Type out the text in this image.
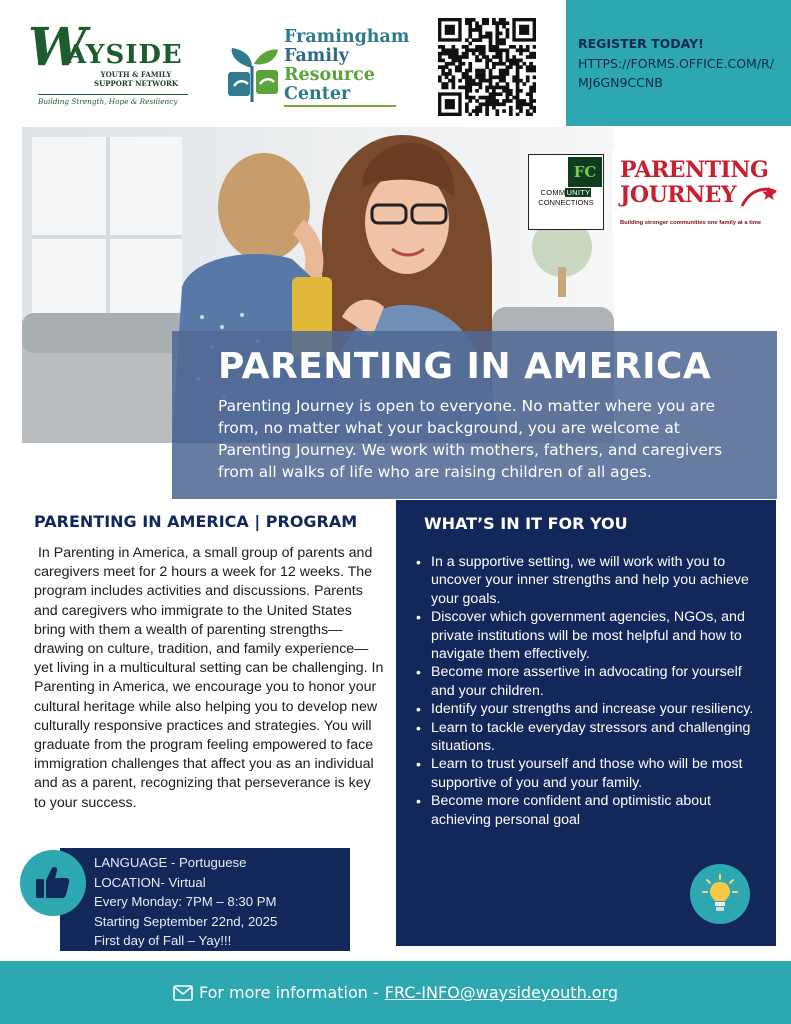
W
AYSIDE
YOUTH & FAMILY
SUPPORT NETWORK
Building Strength, Hope & Resiliency
Framingham
Family
Resource
Center
REGISTER TODAY!
HTTPS://FORMS.OFFICE.COM/R/MJ6GN9CCNB
FC
COMMUNITY
CONNECTIONS
PARENTING
JOURNEY
Building stronger communities one family at a time
PARENTING IN AMERICA
Parenting Journey is open to everyone. No matter where you are from, no matter what your background, you are welcome at Parenting Journey. We work with mothers, fathers, and caregivers from all walks of life who are raising children of all ages.
PARENTING IN AMERICA | PROGRAM
In Parenting in America, a small group of parents and caregivers meet for 2 hours a week for 12 weeks. The program includes activities and discussions. Parents and caregivers who immigrate to the United States bring with them a wealth of parenting strengths—drawing on culture, tradition, and family experience—yet living in a multicultural setting can be challenging. In Parenting in America, we encourage you to honor your cultural heritage while also helping you to develop new culturally responsive practices and strategies. You will graduate from the program feeling empowered to face immigration challenges that affect you as an individual and as a parent, recognizing that perseverance is key to your success.
LANGUAGE - Portuguese
LOCATION- Virtual
Every Monday: 7PM – 8:30 PM
Starting September 22nd, 2025
First day of Fall – Yay!!!
WHAT’S IN IT FOR YOU
• In a supportive setting, we will work with you to uncover your inner strengths and help you achieve your goals.
• Discover which government agencies, NGOs, and private institutions will be most helpful and how to navigate them effectively.
• Become more assertive in advocating for yourself and your children.
• Identify your strengths and increase your resiliency.
• Learn to tackle everyday stressors and challenging situations.
• Learn to trust yourself and those who will be most supportive of you and your family.
• Become more confident and optimistic about achieving personal goal
For more information - FRC-INFO@waysideyouth.org
